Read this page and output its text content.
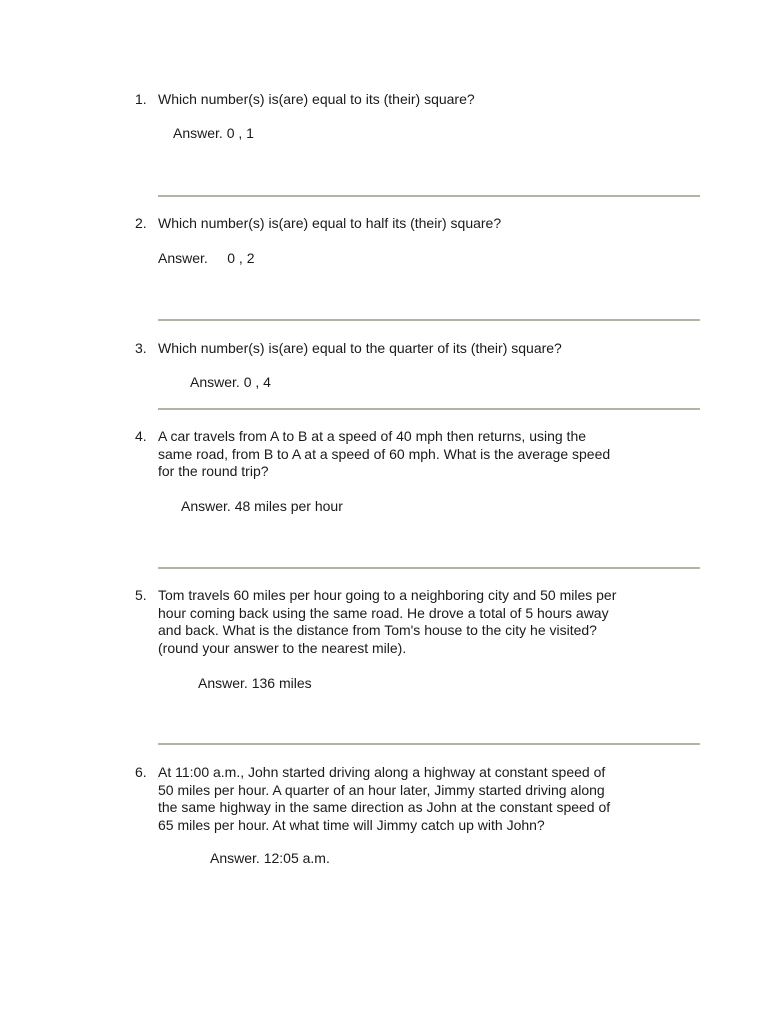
1. Which number(s) is(are) equal to its (their) square?
Answer. 0 , 1
2. Which number(s) is(are) equal to half its (their) square?
Answer.     0 , 2
3. Which number(s) is(are) equal to the quarter of its (their) square?
Answer. 0 , 4
4. A car travels from A to B at a speed of 40 mph then returns, using the
same road, from B to A at a speed of 60 mph. What is the average speed
for the round trip?
Answer. 48 miles per hour
5. Tom travels 60 miles per hour going to a neighboring city and 50 miles per
hour coming back using the same road. He drove a total of 5 hours away
and back. What is the distance from Tom's house to the city he visited?
(round your answer to the nearest mile).
Answer. 136 miles
6. At 11:00 a.m., John started driving along a highway at constant speed of
50 miles per hour. A quarter of an hour later, Jimmy started driving along
the same highway in the same direction as John at the constant speed of
65 miles per hour. At what time will Jimmy catch up with John?
Answer. 12:05 a.m.
